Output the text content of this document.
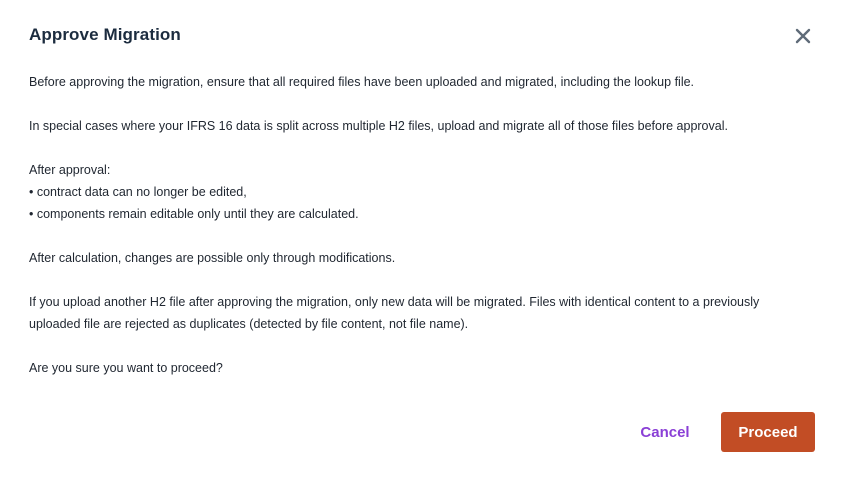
Approve Migration

Before approving the migration, ensure that all required files have been uploaded and migrated, including the lookup file.

In special cases where your IFRS 16 data is split across multiple H2 files, upload and migrate all of those files before approval.

After approval:

• contract data can no longer be edited,

• components remain editable only until they are calculated.

After calculation, changes are possible only through modifications.

If you upload another H2 file after approving the migration, only new data will be migrated. Files with identical content to a previously

uploaded file are rejected as duplicates (detected by file content, not file name).

Are you sure you want to proceed?

Cancel	Proceed
